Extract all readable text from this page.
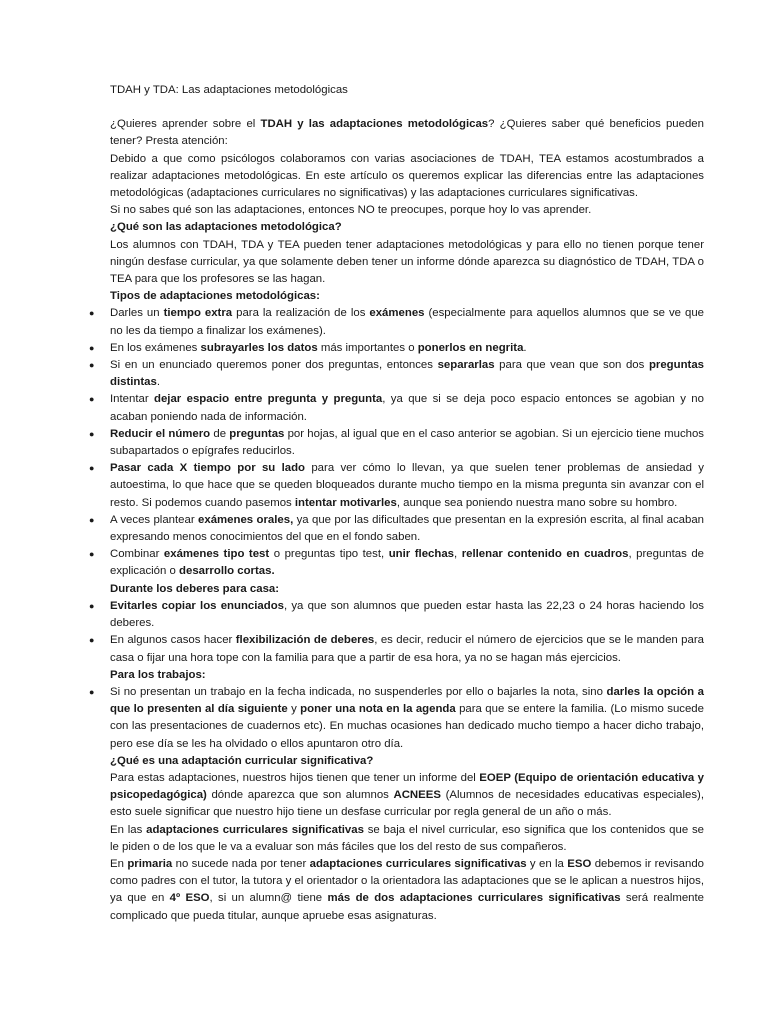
TDAH y TDA: Las adaptaciones metodológicas

¿Quieres aprender sobre el TDAH y las adaptaciones metodológicas? ¿Quieres saber qué beneficios pueden tener? Presta atención:

Debido a que como psicólogos colaboramos con varias asociaciones de TDAH, TEA estamos acostumbrados a realizar adaptaciones metodológicas. En este artículo os queremos explicar las diferencias entre las adaptaciones metodológicas (adaptaciones curriculares no significativas) y las adaptaciones curriculares significativas.

Si no sabes qué son las adaptaciones, entonces NO te preocupes, porque hoy lo vas aprender.

¿Qué son las adaptaciones metodológica?

Los alumnos con TDAH, TDA y TEA pueden tener adaptaciones metodológicas y para ello no tienen porque tener ningún desfase curricular, ya que solamente deben tener un informe dónde aparezca su diagnóstico de TDAH, TDA o TEA para que los profesores se las hagan.

Tipos de adaptaciones metodológicas:

● Darles un tiempo extra para la realización de los exámenes (especialmente para aquellos alumnos que se ve que no les da tiempo a finalizar los exámenes).
● En los exámenes subrayarles los datos más importantes o ponerlos en negrita.
● Si en un enunciado queremos poner dos preguntas, entonces separarlas para que vean que son dos preguntas distintas.
● Intentar dejar espacio entre pregunta y pregunta, ya que si se deja poco espacio entonces se agobian y no acaban poniendo nada de información.
● Reducir el número de preguntas por hojas, al igual que en el caso anterior se agobian. Si un ejercicio tiene muchos subapartados o epígrafes reducirlos.
● Pasar cada X tiempo por su lado para ver cómo lo llevan, ya que suelen tener problemas de ansiedad y autoestima, lo que hace que se queden bloqueados durante mucho tiempo en la misma pregunta sin avanzar con el resto. Si podemos cuando pasemos intentar motivarles, aunque sea poniendo nuestra mano sobre su hombro.
● A veces plantear exámenes orales, ya que por las dificultades que presentan en la expresión escrita, al final acaban expresando menos conocimientos del que en el fondo saben.
● Combinar exámenes tipo test o preguntas tipo test, unir flechas, rellenar contenido en cuadros, preguntas de explicación o desarrollo cortas.

Durante los deberes para casa:

● Evitarles copiar los enunciados, ya que son alumnos que pueden estar hasta las 22,23 o 24 horas haciendo los deberes.
● En algunos casos hacer flexibilización de deberes, es decir, reducir el número de ejercicios que se le manden para casa o fijar una hora tope con la familia para que a partir de esa hora, ya no se hagan más ejercicios.

Para los trabajos:

● Si no presentan un trabajo en la fecha indicada, no suspenderles por ello o bajarles la nota, sino darles la opción a que lo presenten al día siguiente y poner una nota en la agenda para que se entere la familia. (Lo mismo sucede con las presentaciones de cuadernos etc). En muchas ocasiones han dedicado mucho tiempo a hacer dicho trabajo, pero ese día se les ha olvidado o ellos apuntaron otro día.

¿Qué es una adaptación curricular significativa?

Para estas adaptaciones, nuestros hijos tienen que tener un informe del EOEP (Equipo de orientación educativa y psicopedagógica) dónde aparezca que son alumnos ACNEES (Alumnos de necesidades educativas especiales), esto suele significar que nuestro hijo tiene un desfase curricular por regla general de un año o más.

En las adaptaciones curriculares significativas se baja el nivel curricular, eso significa que los contenidos que se le piden o de los que le va a evaluar son más fáciles que los del resto de sus compañeros.

En primaria no sucede nada por tener adaptaciones curriculares significativas y en la ESO debemos ir revisando como padres con el tutor, la tutora y el orientador o la orientadora las adaptaciones que se le aplican a nuestros hijos, ya que en 4º ESO, si un alumn@ tiene más de dos adaptaciones curriculares significativas será realmente complicado que pueda titular, aunque apruebe esas asignaturas.
